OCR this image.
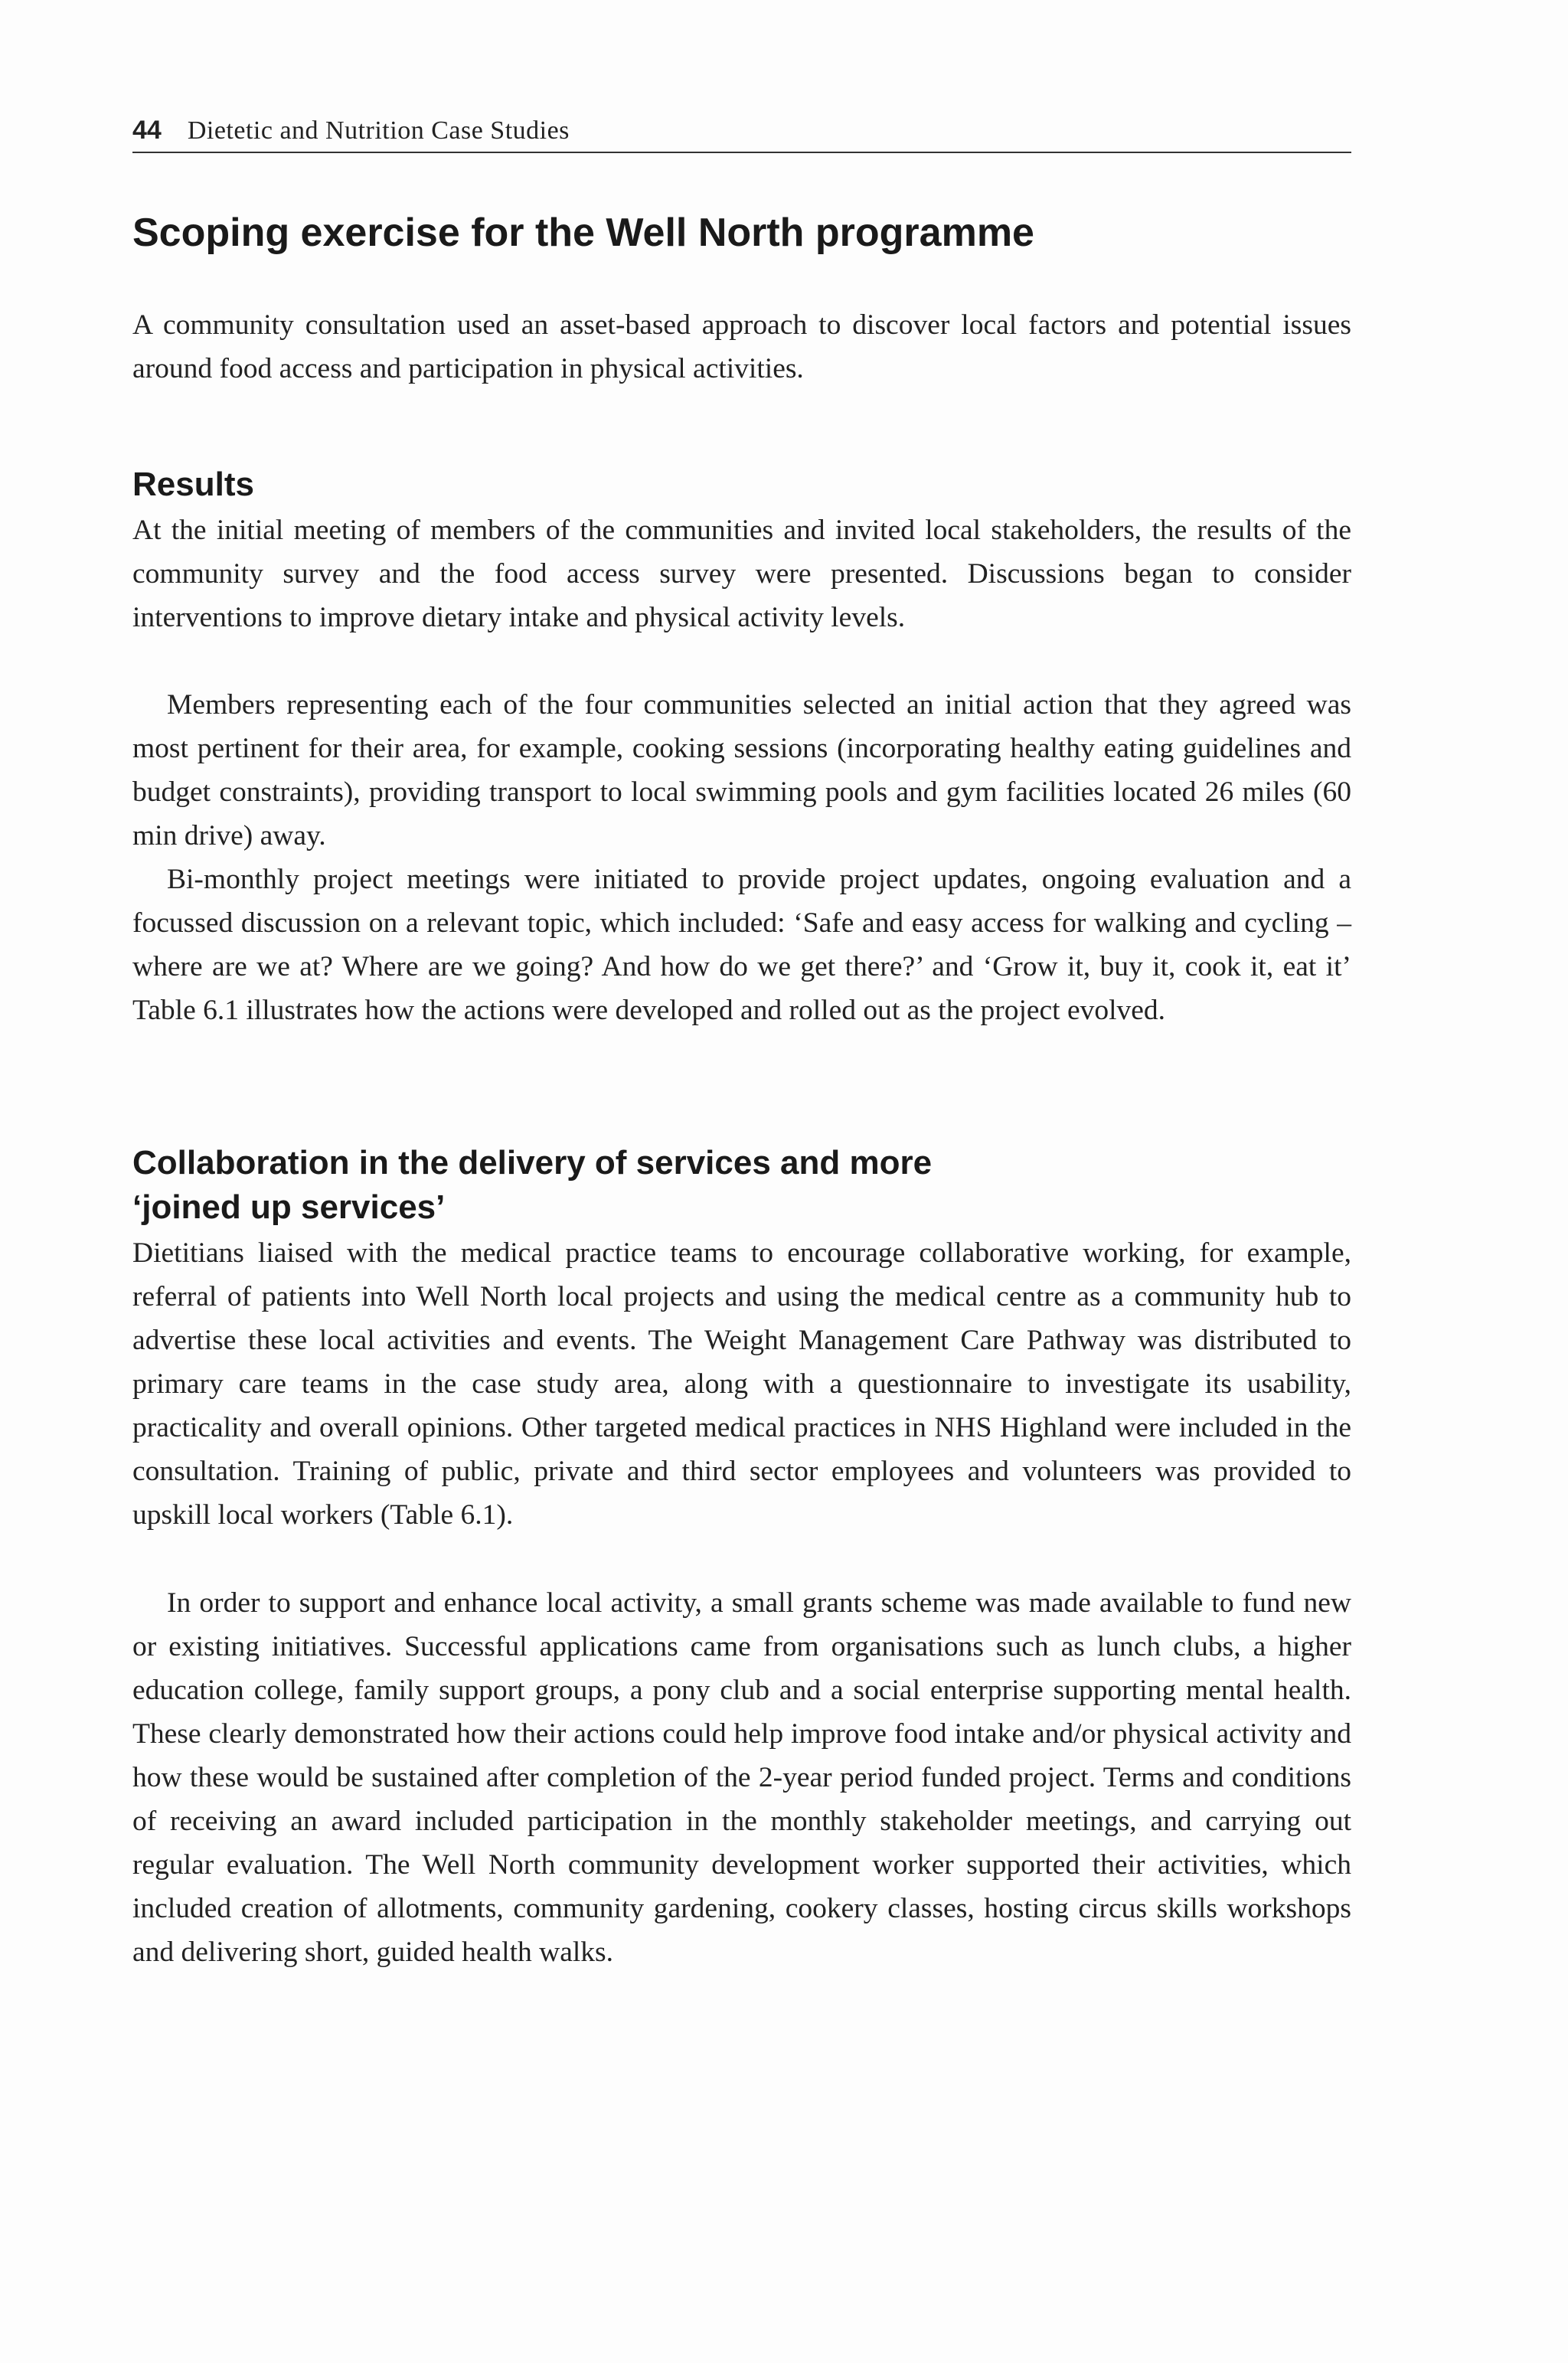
44 Dietetic and Nutrition Case Studies
Scoping exercise for the Well North programme

A community consultation used an asset-based approach to discover local factors and potential issues around food access and participation in physical activities.

Results

At the initial meeting of members of the communities and invited local stakeholders, the results of the community survey and the food access survey were presented. Discussions began to consider interventions to improve dietary intake and physical activity levels.

Members representing each of the four communities selected an initial action that they agreed was most pertinent for their area, for example, cooking sessions (incorporating healthy eating guidelines and budget constraints), providing transport to local swimming pools and gym facilities located 26 miles (60 min drive) away.

Bi-monthly project meetings were initiated to provide project updates, ongoing evaluation and a focussed discussion on a relevant topic, which included: ‘Safe and easy access for walking and cycling – where are we at? Where are we going? And how do we get there?’ and ‘Grow it, buy it, cook it, eat it’ Table 6.1 illustrates how the actions were developed and rolled out as the project evolved.

Collaboration in the delivery of services and more
‘joined up services’

Dietitians liaised with the medical practice teams to encourage collaborative working, for example, referral of patients into Well North local projects and using the medical centre as a community hub to advertise these local activities and events. The Weight Management Care Pathway was distributed to primary care teams in the case study area, along with a questionnaire to investigate its usability, practicality and overall opinions. Other targeted medical practices in NHS Highland were included in the consultation. Training of public, private and third sector employees and volunteers was provided to upskill local workers (Table 6.1).

In order to support and enhance local activity, a small grants scheme was made available to fund new or existing initiatives. Successful applications came from organisations such as lunch clubs, a higher education college, family support groups, a pony club and a social enterprise supporting mental health. These clearly demonstrated how their actions could help improve food intake and/or physical activity and how these would be sustained after completion of the 2-year period funded project. Terms and conditions of receiving an award included participation in the monthly stakeholder meetings, and carrying out regular evaluation. The Well North community development worker supported their activities, which included creation of allotments, community gardening, cookery classes, hosting circus skills workshops and delivering short, guided health walks.
